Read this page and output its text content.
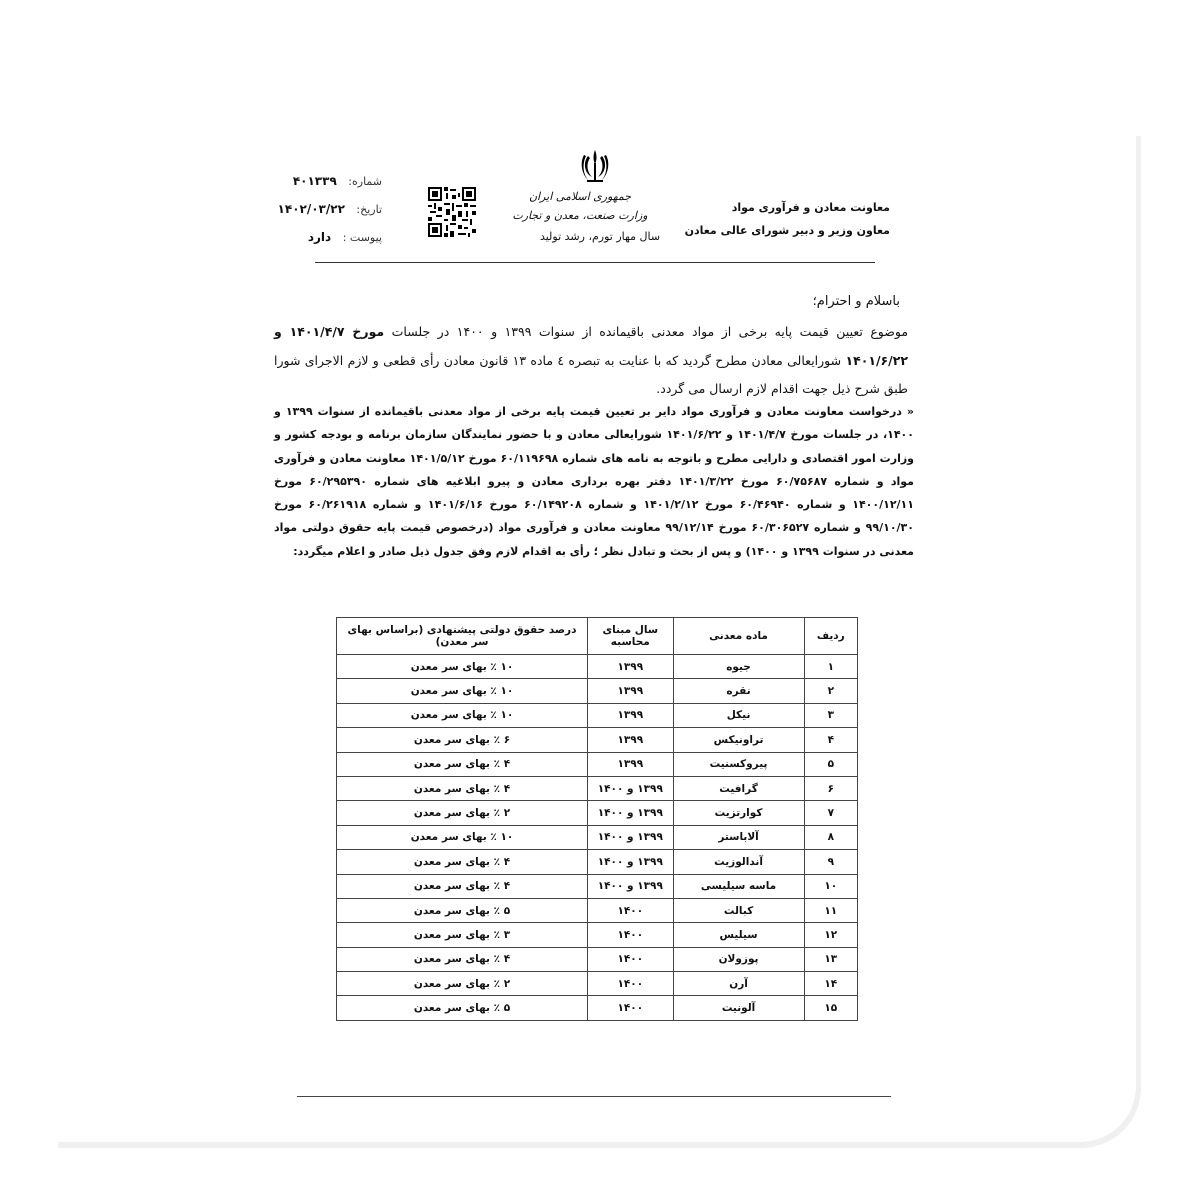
معاونت معادن و فرآوری مواد
معاون وزیر و دبیر شورای عالی معادن
جمهوری اسلامی ایران
وزارت صنعت، معدن و تجارت
سال مهار تورم، رشد تولید
شماره: ۴۰۱۳۳۹
تاریخ: ۱۴۰۲/۰۳/۲۲
پیوست : دارد
باسلام و احترام؛
موضوع تعیین قیمت پایه برخی از مواد معدنی باقیمانده از سنوات ۱۳۹۹ و ۱۴۰۰ در جلسات مورخ ۱۴۰۱/۴/۷ و ۱۴۰۱/۶/۲۲ شورایعالی معادن مطرح گردید که با عنایت به تبصره ٤ ماده ۱۳ قانون معادن رأی قطعی و لازم الاجرای شورا طبق شرح ذیل جهت اقدام لازم ارسال می گردد.
« درخواست معاونت معادن و فرآوری مواد دایر بر تعیین قیمت پایه برخی از مواد معدنی باقیمانده از سنوات ۱۳۹۹ و ۱۴۰۰، در جلسات مورخ ۱۴۰۱/۴/۷ و ۱۴۰۱/۶/۲۲ شورایعالی معادن و با حضور نمایندگان سازمان برنامه و بودجه کشور و وزارت امور اقتصادی و دارایی مطرح و باتوجه به نامه های شماره ۶۰/۱۱۹۶۹۸ مورخ ۱۴۰۱/۵/۱۲ معاونت معادن و فرآوری مواد و شماره ۶۰/۷۵۶۸۷ مورخ ۱۴۰۱/۳/۲۲ دفتر بهره برداری معادن و پیرو ابلاغیه های شماره ۶۰/۲۹۵۳۹۰ مورخ ۱۴۰۰/۱۲/۱۱ و شماره ۶۰/۴۶۹۴۰ مورخ ۱۴۰۱/۲/۱۲ و شماره ۶۰/۱۴۹۲۰۸ مورخ ۱۴۰۱/۶/۱۶ و شماره ۶۰/۲۶۱۹۱۸ مورخ ۹۹/۱۰/۳۰ و شماره ۶۰/۳۰۶۵۲۷ مورخ ۹۹/۱۲/۱۴ معاونت معادن و فرآوری مواد (درخصوص قیمت پایه حقوق دولتی مواد معدنی در سنوات ۱۳۹۹ و ۱۴۰۰) و پس از بحث و تبادل نظر ؛ رأی به اقدام لازم وفق جدول ذیل صادر و اعلام میگردد:
ردیف	ماده معدنی	سال مبنای محاسبه	درصد حقوق دولتی پیشنهادی (براساس بهای سر معدن)
۱	جیوه	۱۳۹۹	۱۰ ٪ بهای سر معدن
۲	نقره	۱۳۹۹	۱۰ ٪ بهای سر معدن
۳	نیکل	۱۳۹۹	۱۰ ٪ بهای سر معدن
۴	تراونیکس	۱۳۹۹	۶ ٪ بهای سر معدن
۵	پیروکسنیت	۱۳۹۹	۴ ٪ بهای سر معدن
۶	گرافیت	۱۳۹۹ و ۱۴۰۰	۴ ٪ بهای سر معدن
۷	کوارتزیت	۱۳۹۹ و ۱۴۰۰	۲ ٪ بهای سر معدن
۸	آلاباستر	۱۳۹۹ و ۱۴۰۰	۱۰ ٪ بهای سر معدن
۹	آندالوزیت	۱۳۹۹ و ۱۴۰۰	۴ ٪ بهای سر معدن
۱۰	ماسه سیلیسی	۱۳۹۹ و ۱۴۰۰	۴ ٪ بهای سر معدن
۱۱	کبالت	۱۴۰۰	۵ ٪ بهای سر معدن
۱۲	سیلیس	۱۴۰۰	۳ ٪ بهای سر معدن
۱۳	پوزولان	۱۴۰۰	۴ ٪ بهای سر معدن
۱۴	آرن	۱۴۰۰	۲ ٪ بهای سر معدن
۱۵	آلونیت	۱۴۰۰	۵ ٪ بهای سر معدن
